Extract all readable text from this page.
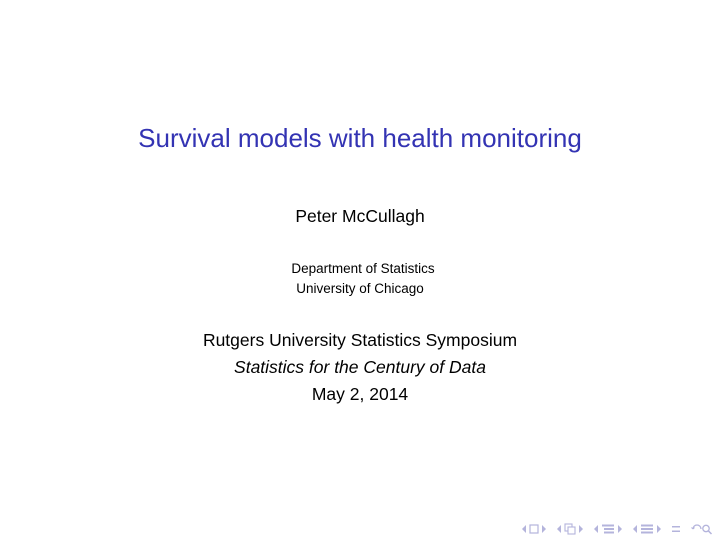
Survival models with health monitoring
Peter McCullagh
Department of Statistics
University of Chicago
Rutgers University Statistics Symposium
Statistics for the Century of Data
May 2, 2014
